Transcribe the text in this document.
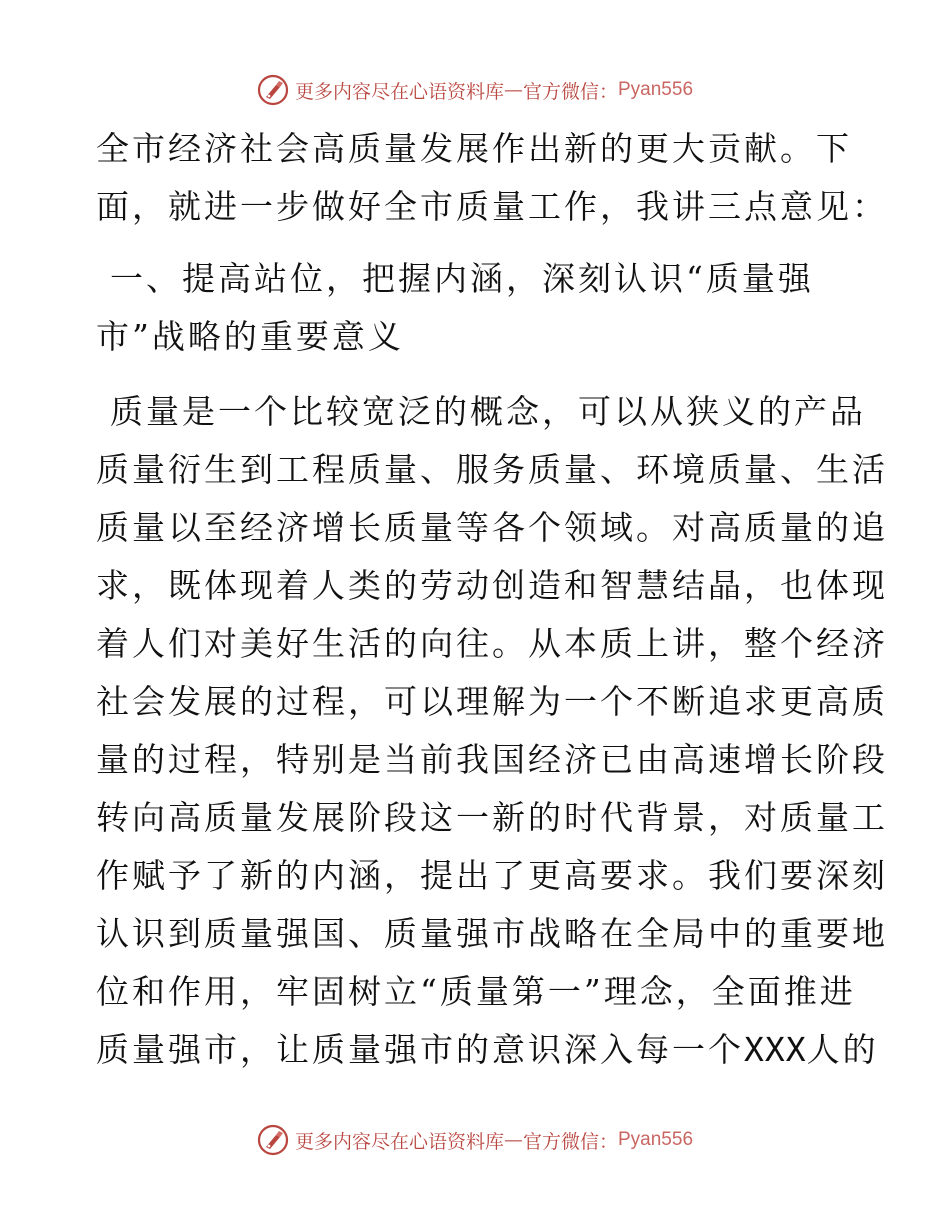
更多内容尽在心语资料库 — 官方微信： Pyan556
全市经济社会高质量发展作出新的更大贡献。下
面，就进一步做好全市质量工作，我讲三点意见：
一、提高站位，把握内涵，深刻认识“质量强
市”战略的重要意义
质量是一个比较宽泛的概念，可以从狭义的产品
质量衍生到工程质量、服务质量、环境质量、生活
质量以至经济增长质量等各个领域。对高质量的追
求，既体现着人类的劳动创造和智慧结晶，也体现
着人们对美好生活的向往。从本质上讲，整个经济
社会发展的过程，可以理解为一个不断追求更高质
量的过程，特别是当前我国经济已由高速增长阶段
转向高质量发展阶段这一新的时代背景，对质量工
作赋予了新的内涵，提出了更高要求。我们要深刻
认识到质量强国、质量强市战略在全局中的重要地
位和作用，牢固树立“质量第一”理念，全面推进
质量强市，让质量强市的意识深入每一个XXX人的
更多内容尽在心语资料库 — 官方微信： Pyan556
